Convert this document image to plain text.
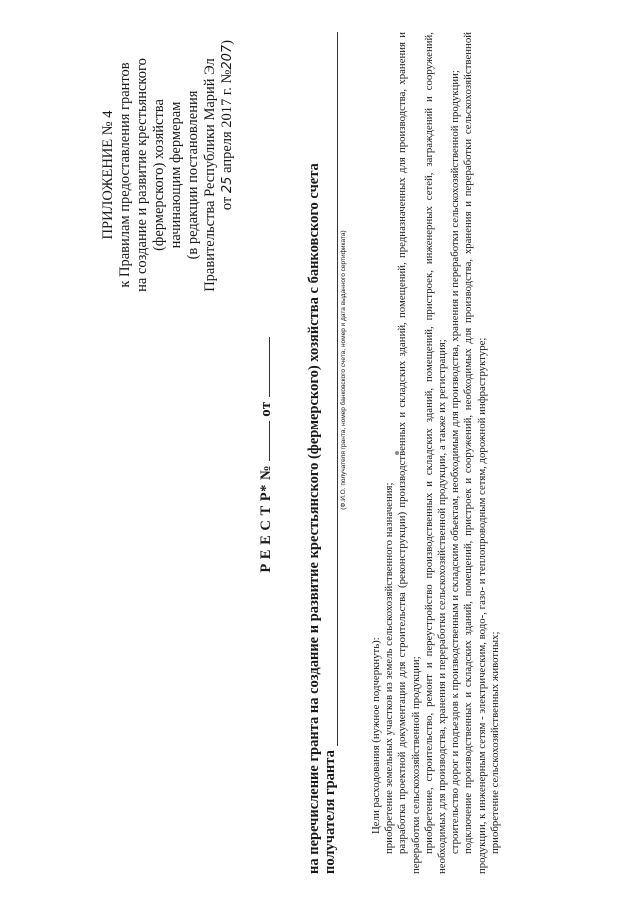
ПРИЛОЖЕНИЕ № 4 к Правилам предоставления грантов на создание и развитие крестьянского (фермерского) хозяйства начинающим фермерам (в редакции постановления Правительства Республики Марий Эл от 25 апреля 2017 г. №207)
Р Е Е С Т Р* №  от на перечисление гранта на создание и развитие крестьянского (фермерского) хозяйства с банковского счета получателя гранта
(Ф.И.О. получателя гранта, номер банковского счета, номер и дата выданного сертификата)

Цели расходования (нужное подчеркнуть): приобретение земельных участков из земель сельскохозяйственного назначения; разработка проектной документации для строительства (реконструкции) производственных и складских зданий, помещений, предназначенных для производства, хранения и переработки сельскохозяйственной продукции; приобретение, строительство, ремонт и переустройство производственных и складских зданий, помещений, пристроек, инженерных сетей, заграждений и сооружений, необходимых для производства, хранения и переработки сельскохозяйственной продукции, а также их регистрация; строительство дорог и подъездов к производственным и складским объектам, необходимым для производства, хранения и переработки сельскохозяйственной продукции; подключение производственных и складских зданий, помещений, пристроек и сооружений, необходимых для производства, хранения и переработки сельскохозяйственной продукции, к инженерным сетям - электрическим, водо-, газо- и теплопроводным сетям, дорожной инфраструктуре; приобретение сельскохозяйственных животных;
